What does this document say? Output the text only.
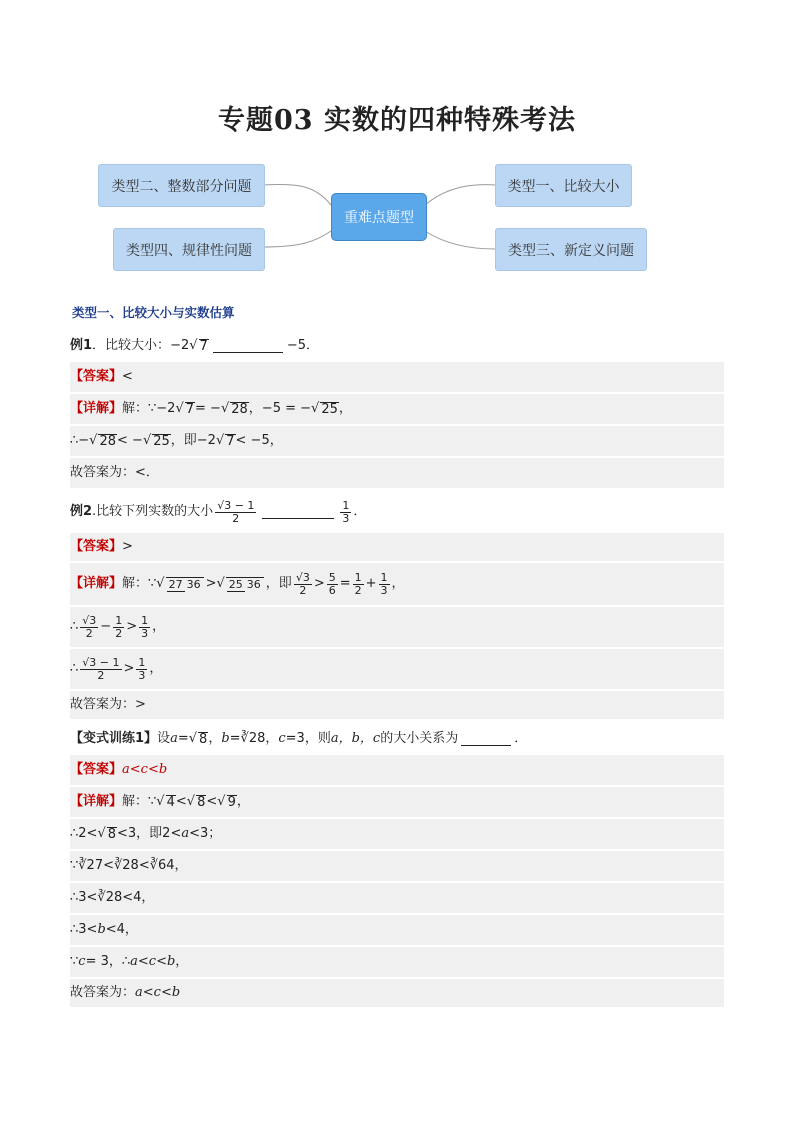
专题03 实数的四种特殊考法
类型二、整数部分问题
类型四、规律性问题
重难点题型
类型一、比较大小
类型三、新定义问题
类型一、比较大小与实数估算
例1 ．比较大小： −2 √ 7	−5．
【答案】 <
【详解】 解：∵−2 √ 7 = − √ 28 ，−5 = − √ 25 ，
∴− √ 28 < − √ 25 ，即−2 √ 7 < −5，
故答案为：<．
例2 .比较下列实数的大小 $\frac{√3 - 1}{2}$	$\frac{1}{3}$ ．
【答案】 >
【详解】 解：∵ √ 27 36 > √ 25 36 ，即 $\frac{√3}{2} > \frac{5}{6} = \frac{1}{2} + \frac{1}{3}$ ，
∴ $\frac{√3}{2} - \frac{1}{2} > \frac{1}{3}$ ，
∴ $\frac{√3 - 1}{2} > \frac{1}{3}$ ，
故答案为：>
【变式训练1】 设 a = √ 8 ， b =∛28， c =3，则 a，b，c 的大小关系为	．
【答案】 a<c<b
【详解】 解：∵ √ 4 < √ 8 < √ 9 ，
∴2< √ 8 <3，即2< a <3；
∵∛27<∛28<∛64，
∴3<∛28<4，
∴3< b <4，
∵ c = 3，∴ a<c<b ，
故答案为： a<c<b
